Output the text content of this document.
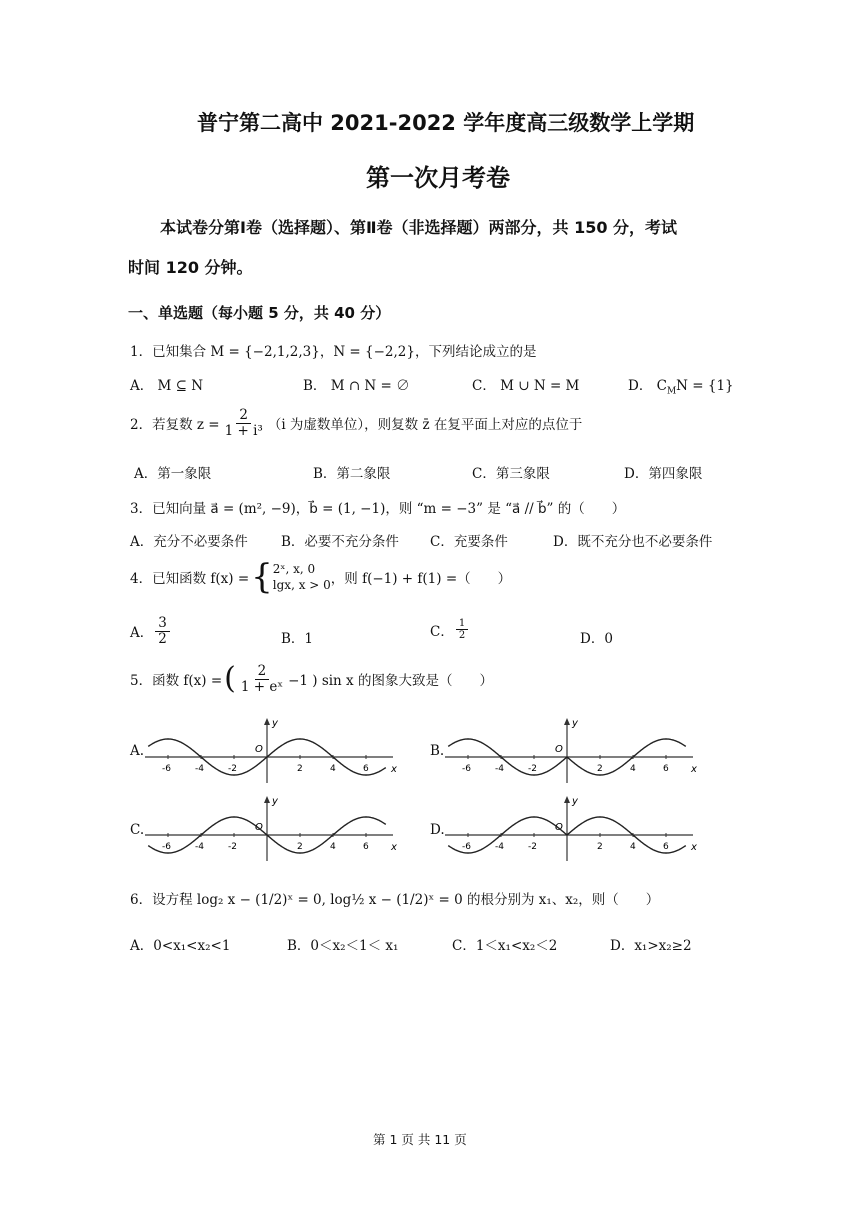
普宁第二高中 2021-2022 学年度高三级数学上学期
第一次月考卷
本试卷分第Ⅰ卷（选择题）、第Ⅱ卷（非选择题）两部分，共 150 分，考试
时间 120 分钟。
一、单选题（每小题 5 分，共 40 分）
1．已知集合 M = {−2,1,2,3}，N = {−2,2}，下列结论成立的是
A． M ⊆ N	B． M ∩ N = ∅	C． M ∪ N = M	D． $C_MN = \{1\}$
2．若复数 $z = \frac{2}{\text{1 + i³}} (i$ 为虚数单位），则复数 z̄ 在复平面上对应的点位于
A．第一象限	B．第二象限	C．第三象限	D．第四象限
3．已知向量 a⃗ = (m², −9)，b⃗ = (1, −1)，则 “m = −3” 是 “a⃗ // b⃗” 的（　　）
A．充分不必要条件 B．必要不充分条件 C．充要条件	D．既不充分也不必要条件
4．已知函数 f(x) = { 2ˣ, x, 0
lgx, x > 0 ，则 f(−1) + f(1) =（　　）
A． $\frac{3}{2}$	B．1	C． $\frac{1}{2}$	D．0
5．函数 f(x) = ( $\frac{2}{\text{1 + eˣ}} -1$ ) sin x 的图象大致是（　　）
A.	B.
C.	D.
y
x
O
-6	-4	-2	2	4	6
y
x
O
-6	-4	-2	2	4	6
y
x
O
-6	-4	-2	2	4	6
y
x
O
-6	-4	-2	2	4	6
6．设方程 log₂ x − (1/2)ˣ = 0, log½ x − (1/2)ˣ = 0 的根分别为 x₁、x₂，则（　　）
A．0<x₁<x₂<1	B．0＜x₂＜1＜ x₁	C．1＜x₁<x₂＜2	D．x₁>x₂≥2
第 1 页 共 11 页
